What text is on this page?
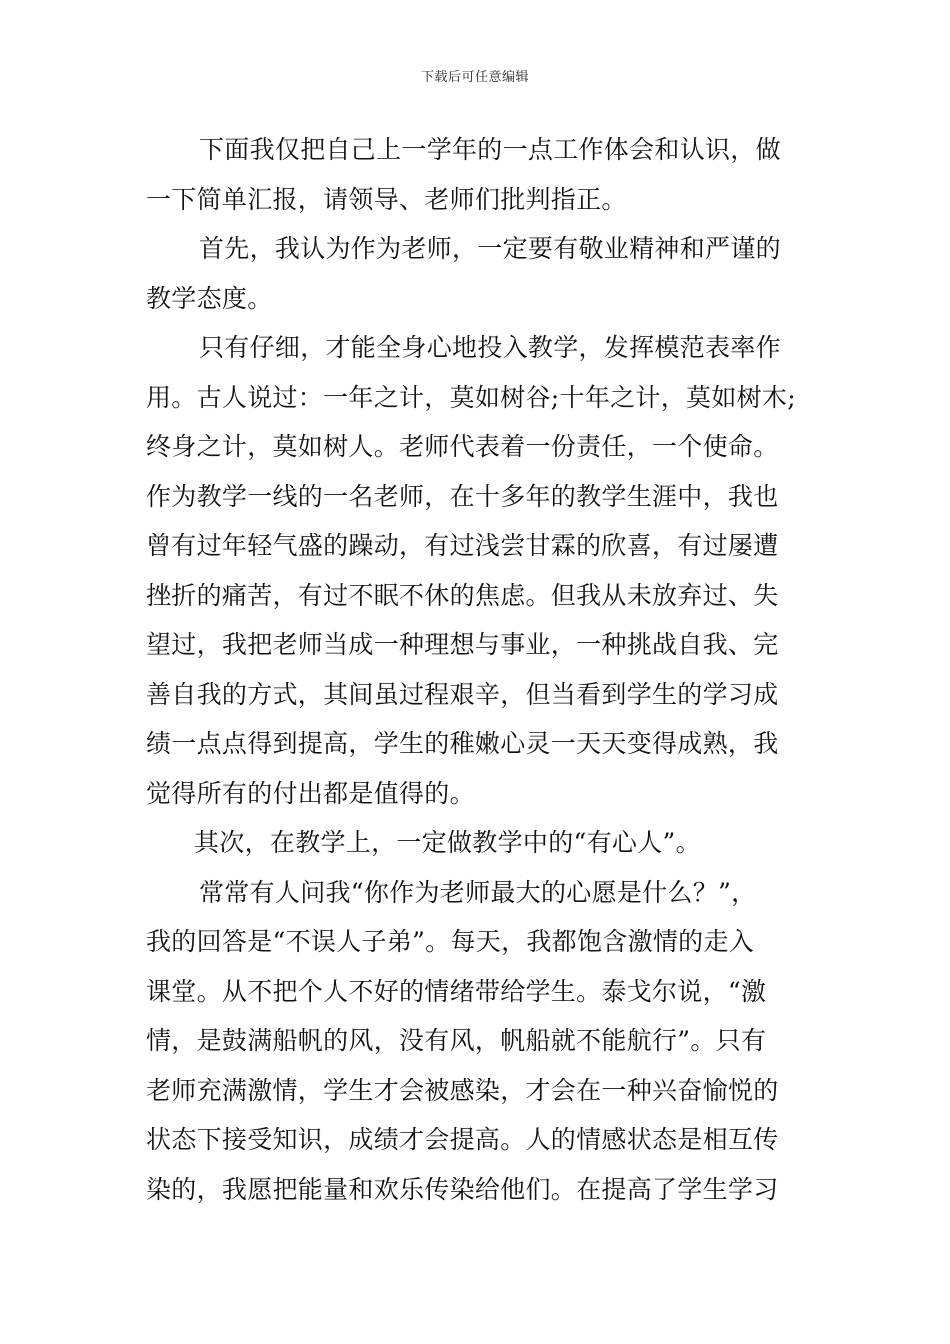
下载后可任意编辑
下面我仅把自己上一学年的一点工作体会和认识，做
一下简单汇报，请领导、老师们批判指正。
首先，我认为作为老师，一定要有敬业精神和严谨的
教学态度。
只有仔细，才能全身心地投入教学，发挥模范表率作
用。古人说过：一年之计，莫如树谷;十年之计，莫如树木;
终身之计，莫如树人。老师代表着一份责任，一个使命。
作为教学一线的一名老师，在十多年的教学生涯中，我也
曾有过年轻气盛的躁动，有过浅尝甘霖的欣喜，有过屡遭
挫折的痛苦，有过不眠不休的焦虑。但我从未放弃过、失
望过，我把老师当成一种理想与事业，一种挑战自我、完
善自我的方式，其间虽过程艰辛，但当看到学生的学习成
绩一点点得到提高，学生的稚嫩心灵一天天变得成熟，我
觉得所有的付出都是值得的。
其次，在教学上，一定做教学中的“有心人”。
常常有人问我“你作为老师最大的心愿是什么？”，
我的回答是“不误人子弟”。每天，我都饱含激情的走入
课堂。从不把个人不好的情绪带给学生。泰戈尔说，“激
情，是鼓满船帆的风，没有风，帆船就不能航行”。只有
老师充满激情，学生才会被感染，才会在一种兴奋愉悦的
状态下接受知识，成绩才会提高。人的情感状态是相互传
染的，我愿把能量和欢乐传染给他们。在提高了学生学习
